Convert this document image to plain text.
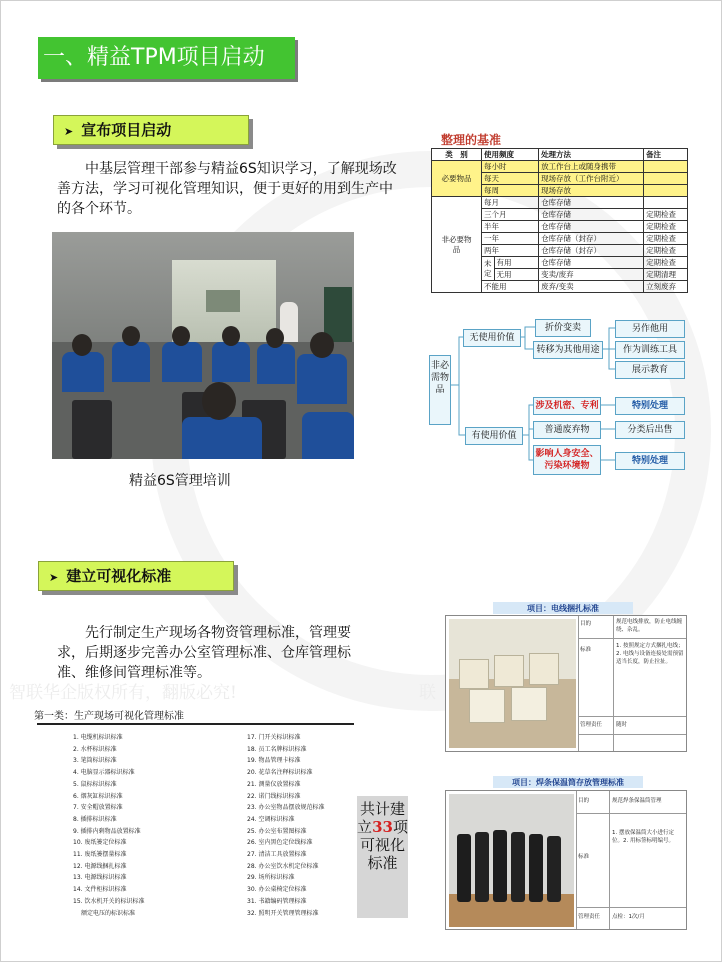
智联华企版权所有，翻版必究!	联
一、精益TPM项目启动
➤ 宣布项目启动

中基层管理干部参与精益6S知识学习，了解现场改善方法，学习可视化管理知识，便于更好的用到生产中的各个环节。

精益6S管理培训
整理的基准
类　别	使用频度		处理方法	备注
必要物品	每小时		放工作台上或随身携带	
	每天		现场存放（工作台附近）	
	每周		现场存放	
非必要物品	每月		仓库存储	
	三个月		仓库存储	定期检查
	半年		仓库存储	定期检查
	一年		仓库存储（封存）	定期检查
	两年		仓库存储（封存）	定期检查
	未定	有用	仓库存储	定期检查
		无用	变卖/废弃	定期清理
	不能用		废弃/变卖	立刻废弃
非必需物品
无使用价值
折价变卖
转移为其他用途
另作他用
作为训练工具
展示教育
有使用价值
涉及机密、专利	特别处理
普通废弃物	分类后出售
影响人身安全、污染环境物	特别处理
➤ 建立可视化标准

先行制定生产现场各物资管理标准，管理要求，后期逐步完善办公室管理标准、仓库管理标准、维修间管理标准等。

第一类：生产现场可视化管理标准
1. 电缆机标识标准
2. 水杯标识标准
3. 笔筒标识标准
4. 电脑显示器标识标准
5. 鼠标标识标准
6. 烟灰缸标识标准
7. 安全帽放置标准
8. 插排标识标准
9. 插排内剩物品放置标准
10. 废纸篓定位标准
11. 废纸篓摆量标准
12. 电源线捆扎标准
13. 电源线标识标准
14. 文件柜标识标准
15. 饮水机开关的标识标准
额定电压的标识标准
17. 门开关标识标准
18. 员工名牌标识标准
19. 物品管理卡标准
20. 花草名注释标识标准
21. 测量仪放置标准
22. 诺门线标识标准
23. 办公室物品摆放规范标准
24. 空调标识标准
25. 办公室布置图标准
26. 室内黑色定位线标准
27. 清洁工具放置标准
28. 办公室饮水机定位标准
29. 场所标识标准
30. 办公桌椅定位标准
31. 书籍编码管理标准
32. 照明开关管理管理标准
共计建立33项可视化标准
项目：电线捆扎标准
目的	规范电线排放，防止电线缠绕、杂乱。
标准
1. 按照规定方式捆扎电线；2. 电线与设备连接处需预留适当长度，防止拉扯。
管理责任	随时
项目：焊条保温筒存放管理标准
目的	规范焊条保温筒管理
标准
1. 摆放保温筒大小进行定位。2. 用标签标明编号。
管理责任 点检：1次/月
